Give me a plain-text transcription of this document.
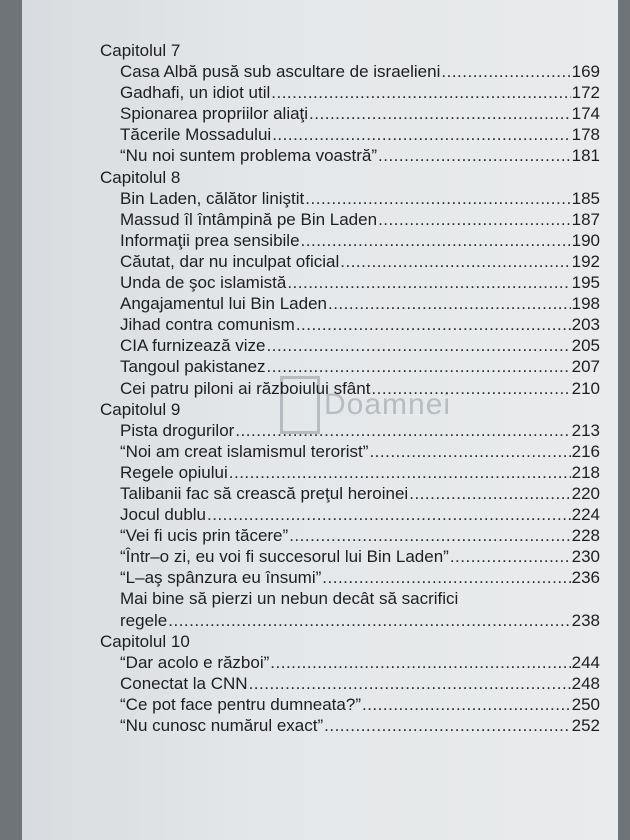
Doamnei
Capitolul 7
Casa Albă pusă sub ascultare de israelieni .....	169
Gadhafi, un idiot util .....	172
Spionarea propriilor aliaţi .....	174
Tăcerile Mossadului .....	178
“Nu noi suntem problema voastră” .....	181
Capitolul 8
Bin Laden, călător liniştit .....	185
Massud îl întâmpină pe Bin Laden .....	187
Informaţii prea sensibile .....	190
Căutat, dar nu inculpat oficial .....	192
Unda de şoc islamistă .....	195
Angajamentul lui Bin Laden .....	198
Jihad contra comunism .....	203
CIA furnizează vize .....	205
Tangoul pakistanez .....	207
Cei patru piloni ai războiului sfânt .....	210
Capitolul 9
Pista drogurilor .....	213
“Noi am creat islamismul terorist” .....	216
Regele opiului .....	218
Talibanii fac să crească preţul heroinei .....	220
Jocul dublu .....	224
“Vei fi ucis prin tăcere” .....	228
“Într–o zi, eu voi fi succesorul lui Bin Laden” .....	230
“L–aş spânzura eu însumi” .....	236
Mai bine să pierzi un nebun decât să sacrifici
regele .....	238
Capitolul 10
“Dar acolo e război” .....	244
Conectat la CNN .....	248
“Ce pot face pentru dumneata?” .....	250
“Nu cunosc numărul exact” .....	252
